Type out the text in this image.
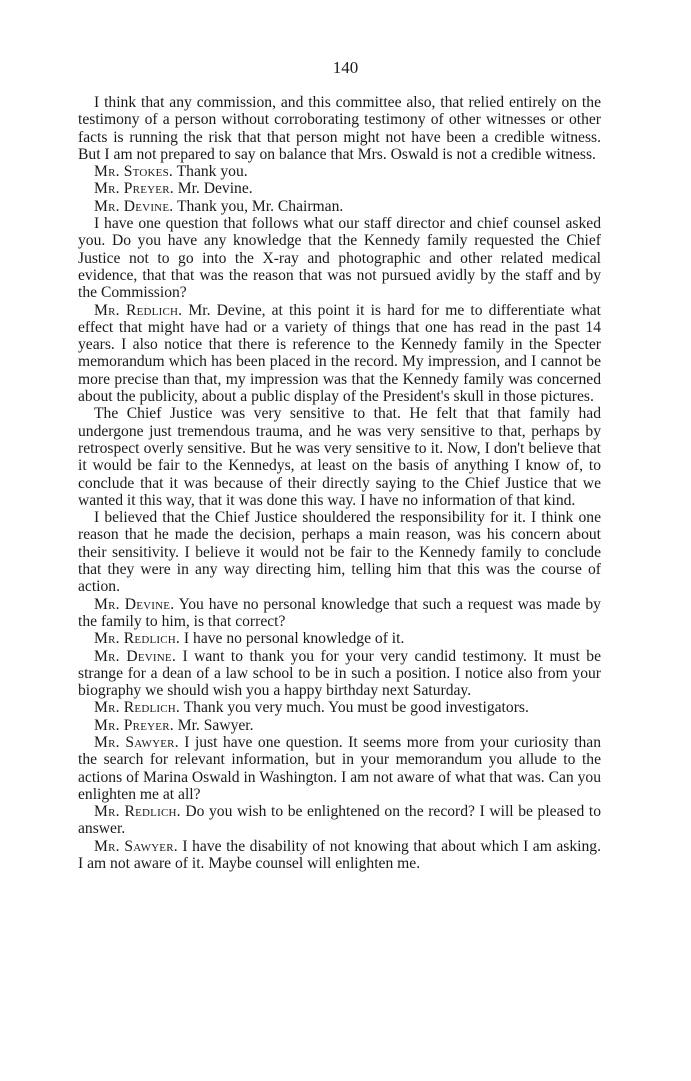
140

I think that any commission, and this committee also, that relied entirely on the testimony of a person without corroborating testimony of other witnesses or other facts is running the risk that that person might not have been a credible witness. But I am not prepared to say on balance that Mrs. Oswald is not a credible witness.

Mr. Stokes. Thank you.

Mr. Preyer. Mr. Devine.

Mr. Devine. Thank you, Mr. Chairman.

I have one question that follows what our staff director and chief counsel asked you. Do you have any knowledge that the Kennedy family requested the Chief Justice not to go into the X-ray and photographic and other related medical evidence, that that was the reason that was not pursued avidly by the staff and by the Commission?

Mr. Redlich. Mr. Devine, at this point it is hard for me to differentiate what effect that might have had or a variety of things that one has read in the past 14 years. I also notice that there is reference to the Kennedy family in the Specter memorandum which has been placed in the record. My impression, and I cannot be more precise than that, my impression was that the Kennedy family was concerned about the publicity, about a public display of the President's skull in those pictures.

The Chief Justice was very sensitive to that. He felt that that family had undergone just tremendous trauma, and he was very sensitive to that, perhaps by retrospect overly sensitive. But he was very sensitive to it. Now, I don't believe that it would be fair to the Kennedys, at least on the basis of anything I know of, to conclude that it was because of their directly saying to the Chief Justice that we wanted it this way, that it was done this way. I have no information of that kind.

I believed that the Chief Justice shouldered the responsibility for it. I think one reason that he made the decision, perhaps a main reason, was his concern about their sensitivity. I believe it would not be fair to the Kennedy family to conclude that they were in any way directing him, telling him that this was the course of action.

Mr. Devine. You have no personal knowledge that such a request was made by the family to him, is that correct?

Mr. Redlich. I have no personal knowledge of it.

Mr. Devine. I want to thank you for your very candid testimony. It must be strange for a dean of a law school to be in such a position. I notice also from your biography we should wish you a happy birthday next Saturday.

Mr. Redlich. Thank you very much. You must be good investigators.

Mr. Preyer. Mr. Sawyer.

Mr. Sawyer. I just have one question. It seems more from your curiosity than the search for relevant information, but in your memorandum you allude to the actions of Marina Oswald in Washington. I am not aware of what that was. Can you enlighten me at all?

Mr. Redlich. Do you wish to be enlightened on the record? I will be pleased to answer.

Mr. Sawyer. I have the disability of not knowing that about which I am asking. I am not aware of it. Maybe counsel will enlighten me.
